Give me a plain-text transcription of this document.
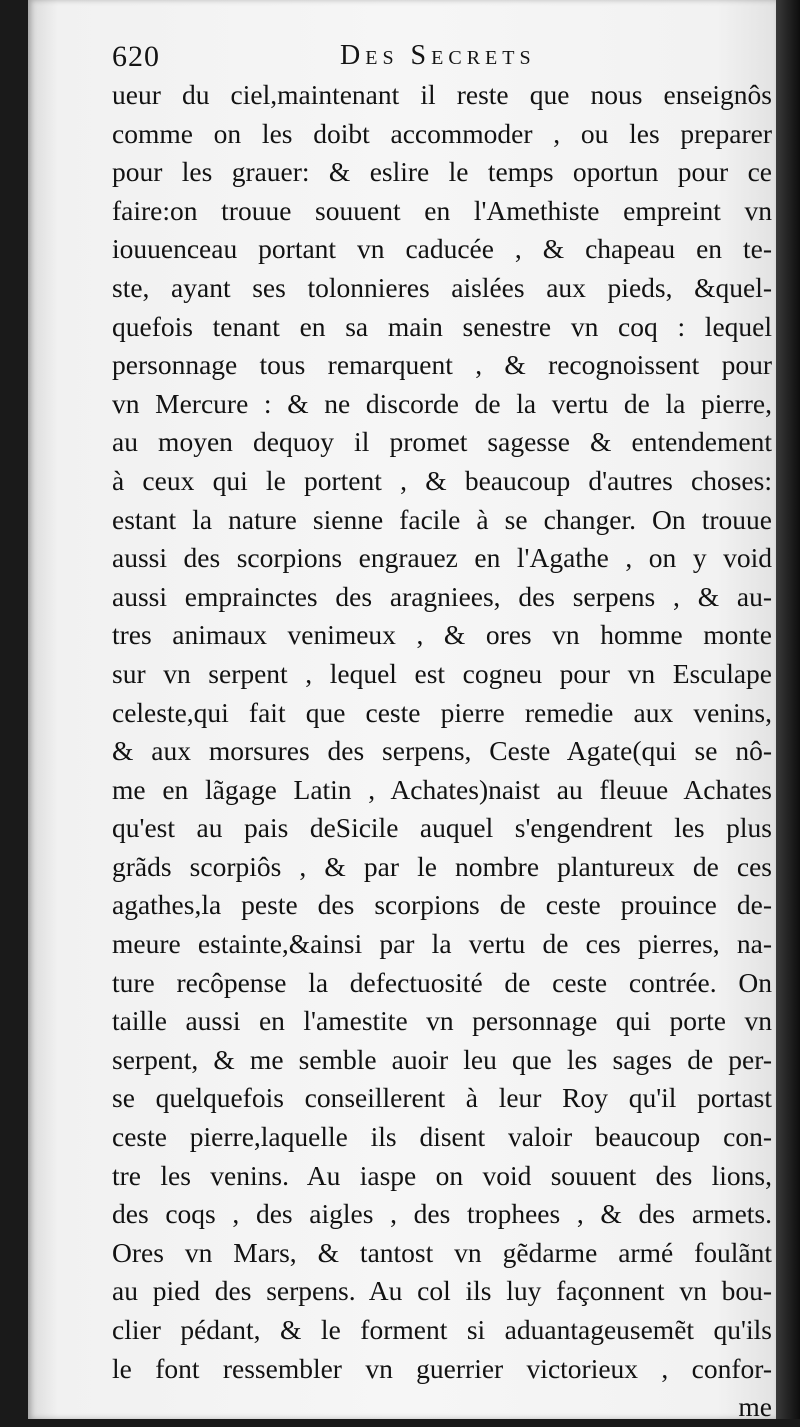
620	Des Secrets
ueur du ciel,maintenant il reste que nous enseignôs
comme on les doibt accommoder , ou les preparer
pour les grauer: & eslire le temps oportun pour ce
faire:on trouue souuent en l'Amethiste empreint vn
iouuenceau portant vn caducée , & chapeau en te-
ste, ayant ses tolonnieres aislées aux pieds, &quel-
quefois tenant en sa main senestre vn coq : lequel
personnage tous remarquent , & recognoissent pour
vn Mercure : & ne discorde de la vertu de la pierre,
au moyen dequoy il promet sagesse & entendement
à ceux qui le portent , & beaucoup d'autres choses:
estant la nature sienne facile à se changer. On trouue
aussi des scorpions engrauez en l'Agathe , on y void
aussi emprainctes des aragniees, des serpens , & au-
tres animaux venimeux , & ores vn homme monte
sur vn serpent , lequel est cogneu pour vn Esculape
celeste,qui fait que ceste pierre remedie aux venins,
& aux morsures des serpens, Ceste Agate(qui se nô-
me en lãgage Latin , Achates)naist au fleuue Achates
qu'est au pais deSicile auquel s'engendrent les plus
grãds scorpiôs , & par le nombre plantureux de ces
agathes,la peste des scorpions de ceste prouince de-
meure estainte,&ainsi par la vertu de ces pierres, na-
ture recôpense la defectuosité de ceste contrée. On
taille aussi en l'amestite vn personnage qui porte vn
serpent, & me semble auoir leu que les sages de per-
se quelquefois conseillerent à leur Roy qu'il portast
ceste pierre,laquelle ils disent valoir beaucoup con-
tre les venins. Au iaspe on void souuent des lions,
des coqs , des aigles , des trophees , & des armets.
Ores vn Mars, & tantost vn gẽdarme armé foulãnt
au pied des serpens. Au col ils luy façonnent vn bou-
clier pédant, & le forment si aduantageusemẽt qu'ils
le font ressembler vn guerrier victorieux , confor-
me
